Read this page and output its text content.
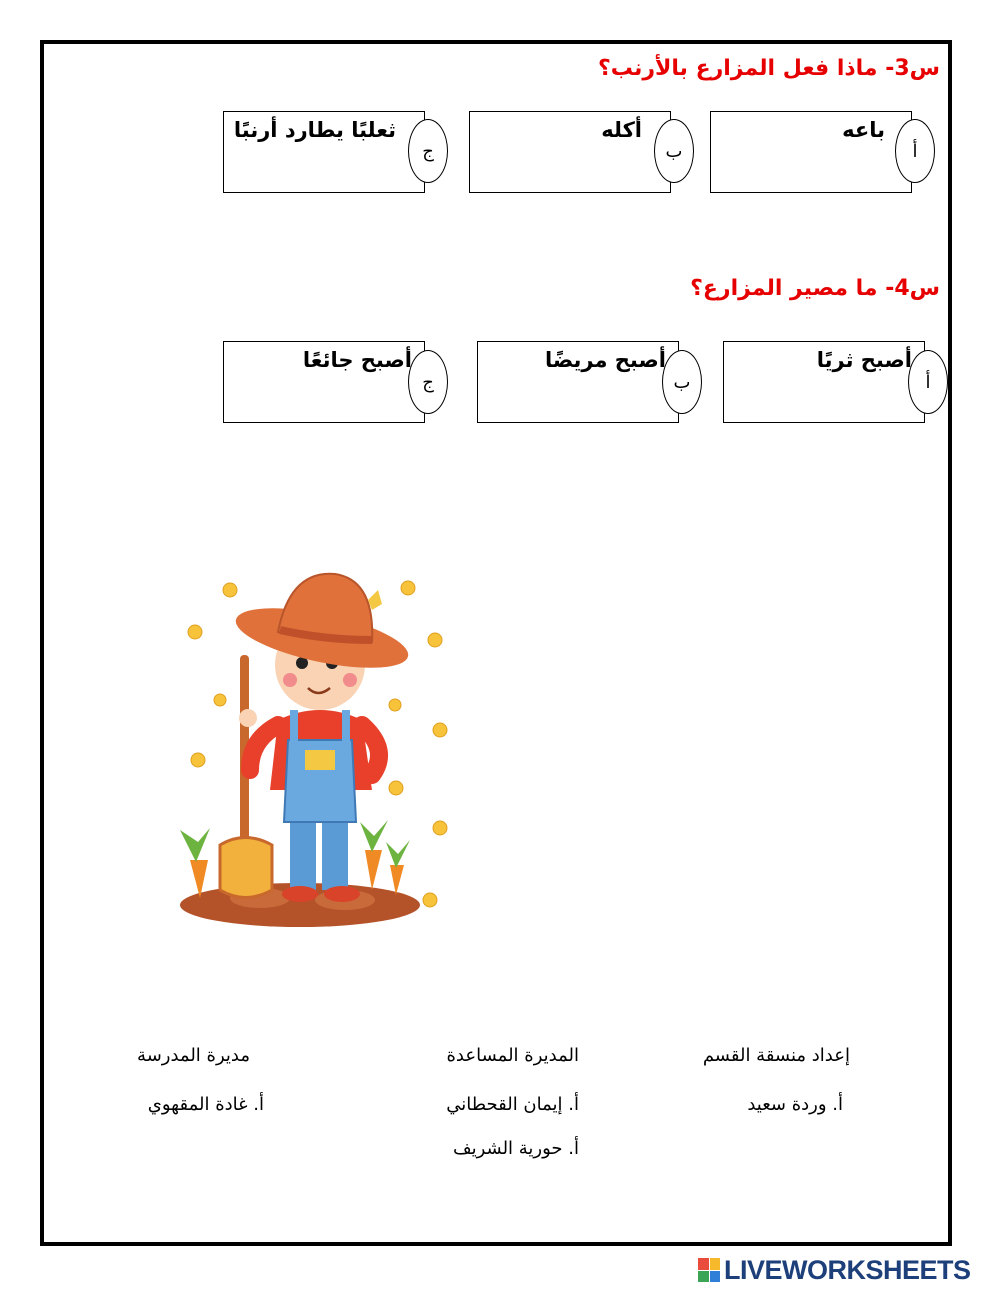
س3- ماذا فعل المزارع بالأرنب؟
باعه
أ
أكله
ب
ثعلبًا يطارد أرنبًا
ج
س4- ما مصير المزارع؟
أصبح ثريًا
أ
أصبح مريضًا
ب
أصبح جائعًا
ج
إعداد منسقة القسم
أ. وردة سعيد
المديرة المساعدة
أ. إيمان القحطاني
أ. حورية الشريف
مديرة المدرسة
أ. غادة المقهوي
LIVEWORKSHEETS
